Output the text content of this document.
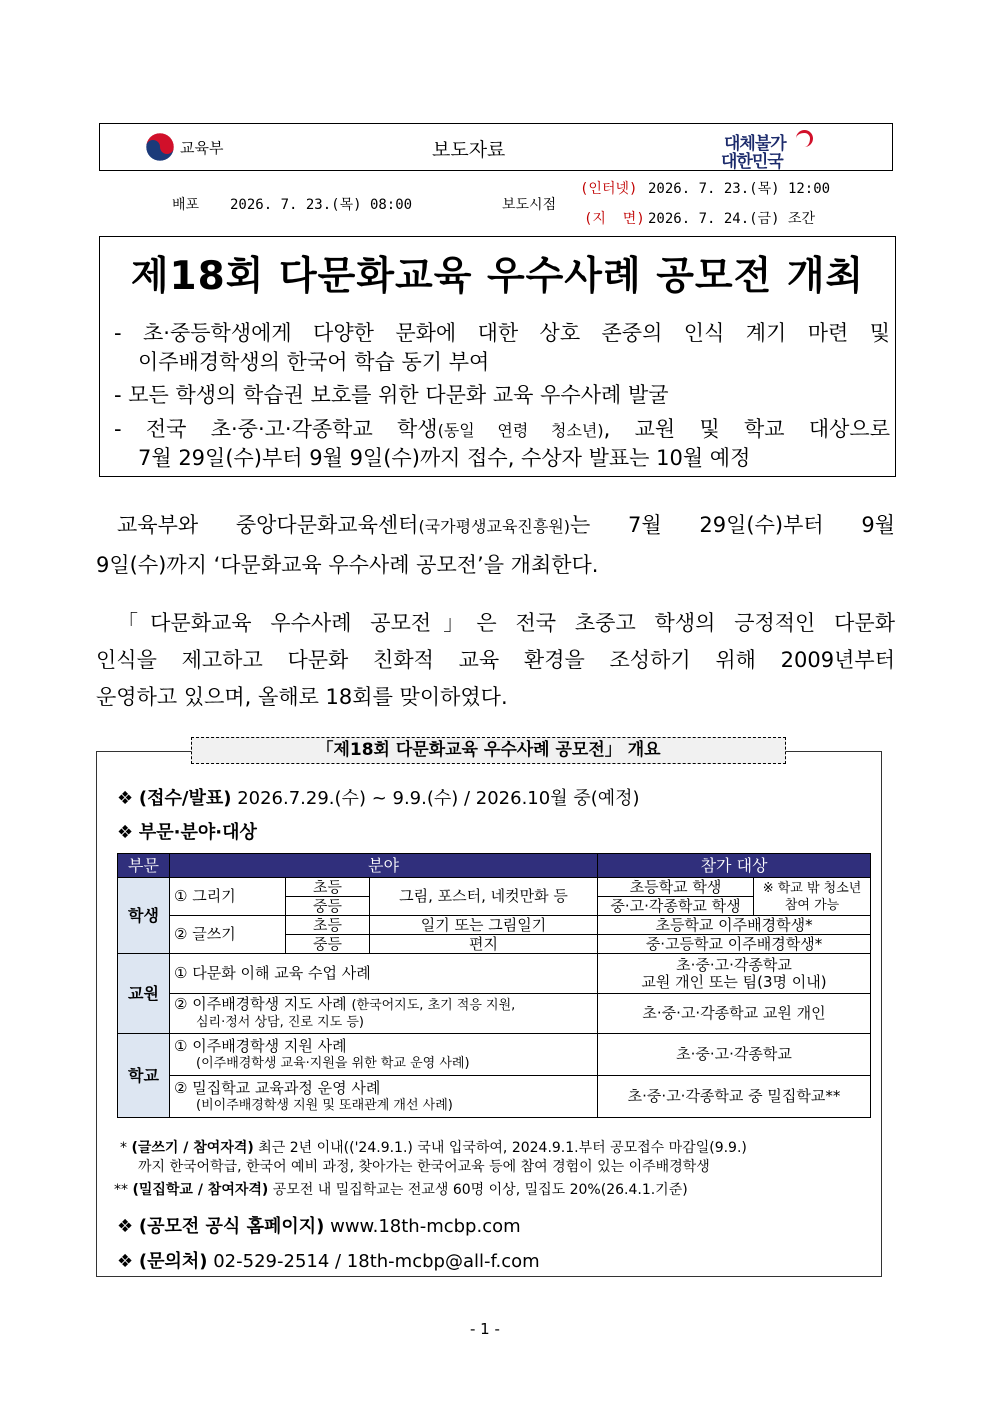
교육부	보도자료	대체불가
대한민국
배포 2026. 7. 23.(목) 08:00	보도시점
(인터넷) 2026. 7. 23.(목) 12:00
(지  면) 2026. 7. 24.(금) 조간
제18회 다문화교육 우수사례 공모전 개최
- 초·중등학생에게 다양한 문화에 대한 상호 존중의 인식 계기 마련 및
이주배경학생의 한국어 학습 동기 부여
- 모든 학생의 학습권 보호를 위한 다문화 교육 우수사례 발굴
- 전국 초·중·고·각종학교 학생(동일 연령 청소년), 교원 및 학교 대상으로
7월 29일(수)부터 9월 9일(수)까지 접수, 수상자 발표는 10월 예정
교육부와 중앙다문화교육센터(국가평생교육진흥원)는 7월 29일(수)부터 9월
9일(수)까지 ‘다문화교육 우수사례 공모전’을 개최한다.
「다문화교육 우수사례 공모전」은 전국 초중고 학생의 긍정적인 다문화
인식을 제고하고 다문화 친화적 교육 환경을 조성하기 위해 2009년부터
운영하고 있으며, 올해로 18회를 맞이하였다.
「제18회 다문화교육 우수사례 공모전」 개요
❖ (접수/발표) 2026.7.29.(수) ~ 9.9.(수) / 2026.10월 중(예정)
❖ 부문·분야·대상
부문	분야			참가 대상	
학생	① 그리기	초등	그림, 포스터, 네컷만화 등	초등학교 학생	※ 학교 밖 청소년
참여 가능

		중등		중·고·각종학교 학생	
	② 글쓰기	초등	일기 또는 그림일기	초등학교 이주배경학생*	
		중등	편지	중·고등학교 이주배경학생*	
교원	① 다문화 이해 교육 수업 사례			초·중·고·각종학교
교원 개인 또는 팀(3명 이내)	

	② 이주배경학생 지도 사례 (한국어지도, 초기 적응 지원,
심리·정서 상담, 진로 지도 등)			초·중·고·각종학교 교원 개인	
학교	① 이주배경학생 지원 사례
(이주배경학생 교육·지원을 위한 학교 운영 사례)			초·중·고·각종학교	

	② 밀집학교 교육과정 운영 사례
(비이주배경학생 지원 및 또래관계 개선 사례)			초·중·고·각종학교 중 밀집학교**	
* (글쓰기 / 참여자격) 최근 2년 이내(('24.9.1.) 국내 입국하여, 2024.9.1.부터 공모접수 마감일(9.9.)
까지 한국어학급, 한국어 예비 과정, 찾아가는 한국어교육 등에 참여 경험이 있는 이주배경학생
** (밀집학교 / 참여자격) 공모전 내 밀집학교는 전교생 60명 이상, 밀집도 20%(26.4.1.기준)
❖ (공모전 공식 홈페이지) www.18th-mcbp.com
❖ (문의처) 02-529-2514 / 18th-mcbp@all-f.com
- 1 -
